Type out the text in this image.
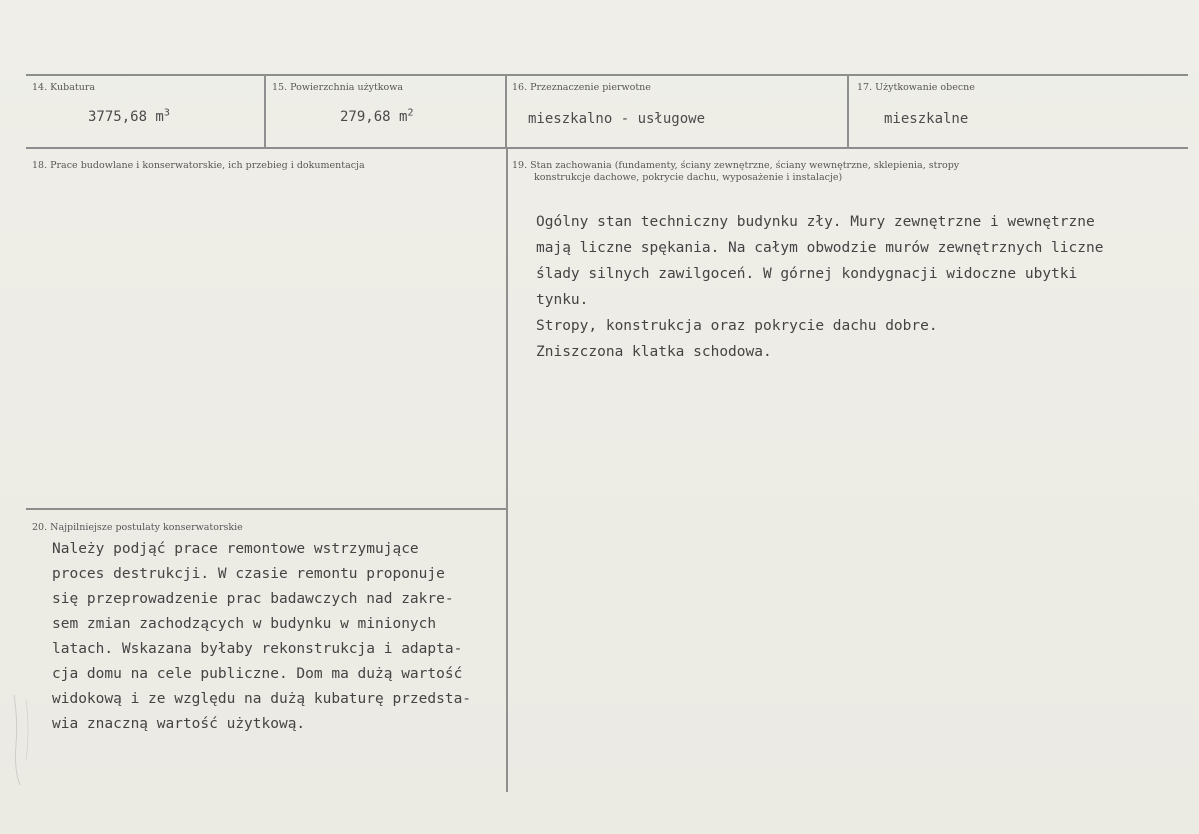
14. Kubatura
3775,68 $m^3$
15. Powierzchnia użytkowa
279,68 $m^2$
16. Przeznaczenie pierwotne
mieszkalno - usługowe
17. Użytkowanie obecne
mieszkalne
18. Prace budowlane i konserwatorskie, ich przebieg i dokumentacja	19. Stan zachowania (fundamenty, ściany zewnętrzne, ściany wewnętrzne, sklepienia, stropy
konstrukcje dachowe, pokrycie dachu, wyposażenie i instalacje)
Ogólny stan techniczny budynku zły. Mury zewnętrzne i wewnętrzne
mają liczne spękania. Na całym obwodzie murów zewnętrznych liczne
ślady silnych zawilgoceń. W górnej kondygnacji widoczne ubytki
tynku.
Stropy, konstrukcja oraz pokrycie dachu dobre.
Zniszczona klatka schodowa.
20. Najpilniejsze postulaty konserwatorskie
Należy podjąć prace remontowe wstrzymujące
proces destrukcji. W czasie remontu proponuje
się przeprowadzenie prac badawczych nad zakre-
sem zmian zachodzących w budynku w minionych
latach. Wskazana byłaby rekonstrukcja i adapta-
cja domu na cele publiczne. Dom ma dużą wartość
widokową i ze względu na dużą kubaturę przedsta-
wia znaczną wartość użytkową.
